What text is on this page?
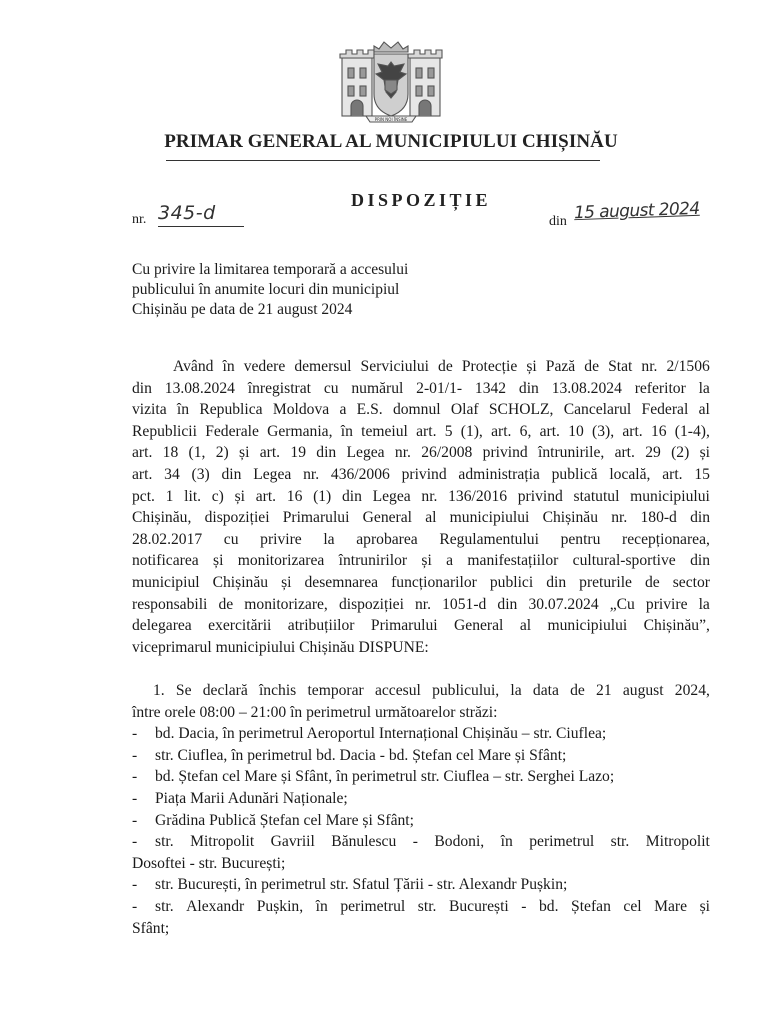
PRIN NOI ÎNȘINE
PRIMAR GENERAL AL MUNICIPIULUI CHIȘINĂU
DISPOZIȚIE
nr. 345-d	din 15 august 2024
Cu privire la limitarea temporară a accesului
publicului în anumite locuri din municipiul
Chișinău pe data de 21 august 2024
Având în vedere demersul Serviciului de Protecție și Pază de Stat nr. 2/1506
din 13.08.2024 înregistrat cu numărul 2-01/1- 1342 din 13.08.2024 referitor la
vizita în Republica Moldova a E.S. domnul Olaf SCHOLZ, Cancelarul Federal al
Republicii Federale Germania, în temeiul art. 5 (1), art. 6, art. 10 (3), art. 16 (1-4),
art. 18 (1, 2) și art. 19 din Legea nr. 26/2008 privind întrunirile, art. 29 (2) și
art. 34 (3) din Legea nr. 436/2006 privind administrația publică locală, art. 15
pct. 1 lit. c) și art. 16 (1) din Legea nr. 136/2016 privind statutul municipiului
Chișinău, dispoziției Primarului General al municipiului Chișinău nr. 180-d din
28.02.2017 cu privire la aprobarea Regulamentului pentru recepționarea,
notificarea și monitorizarea întrunirilor și a manifestațiilor cultural-sportive din
municipiul Chișinău și desemnarea funcționarilor publici din preturile de sector
responsabili de monitorizare, dispoziției nr. 1051-d din 30.07.2024 „Cu privire la
delegarea exercitării atribuțiilor Primarului General al municipiului Chișinău”,
viceprimarul municipiului Chișinău DISPUNE:
1. Se declară închis temporar accesul publicului, la data de 21 august 2024,
între orele 08:00 – 21:00 în perimetrul următoarelor străzi:
-	bd. Dacia, în perimetrul Aeroportul Internațional Chișinău – str. Ciuflea;
-	str. Ciuflea, în perimetrul bd. Dacia - bd. Ștefan cel Mare și Sfânt;
-	bd. Ștefan cel Mare și Sfânt, în perimetrul str. Ciuflea – str. Serghei Lazo;
-	Piața Marii Adunări Naționale;
-	Grădina Publică Ștefan cel Mare și Sfânt;
-	str. Mitropolit Gavriil Bănulescu - Bodoni, în perimetrul str. Mitropolit
Dosoftei - str. București;
-	str. București, în perimetrul str. Sfatul Țării - str. Alexandr Pușkin;
-	str. Alexandr Pușkin, în perimetrul str. București - bd. Ștefan cel Mare și
Sfânt;
